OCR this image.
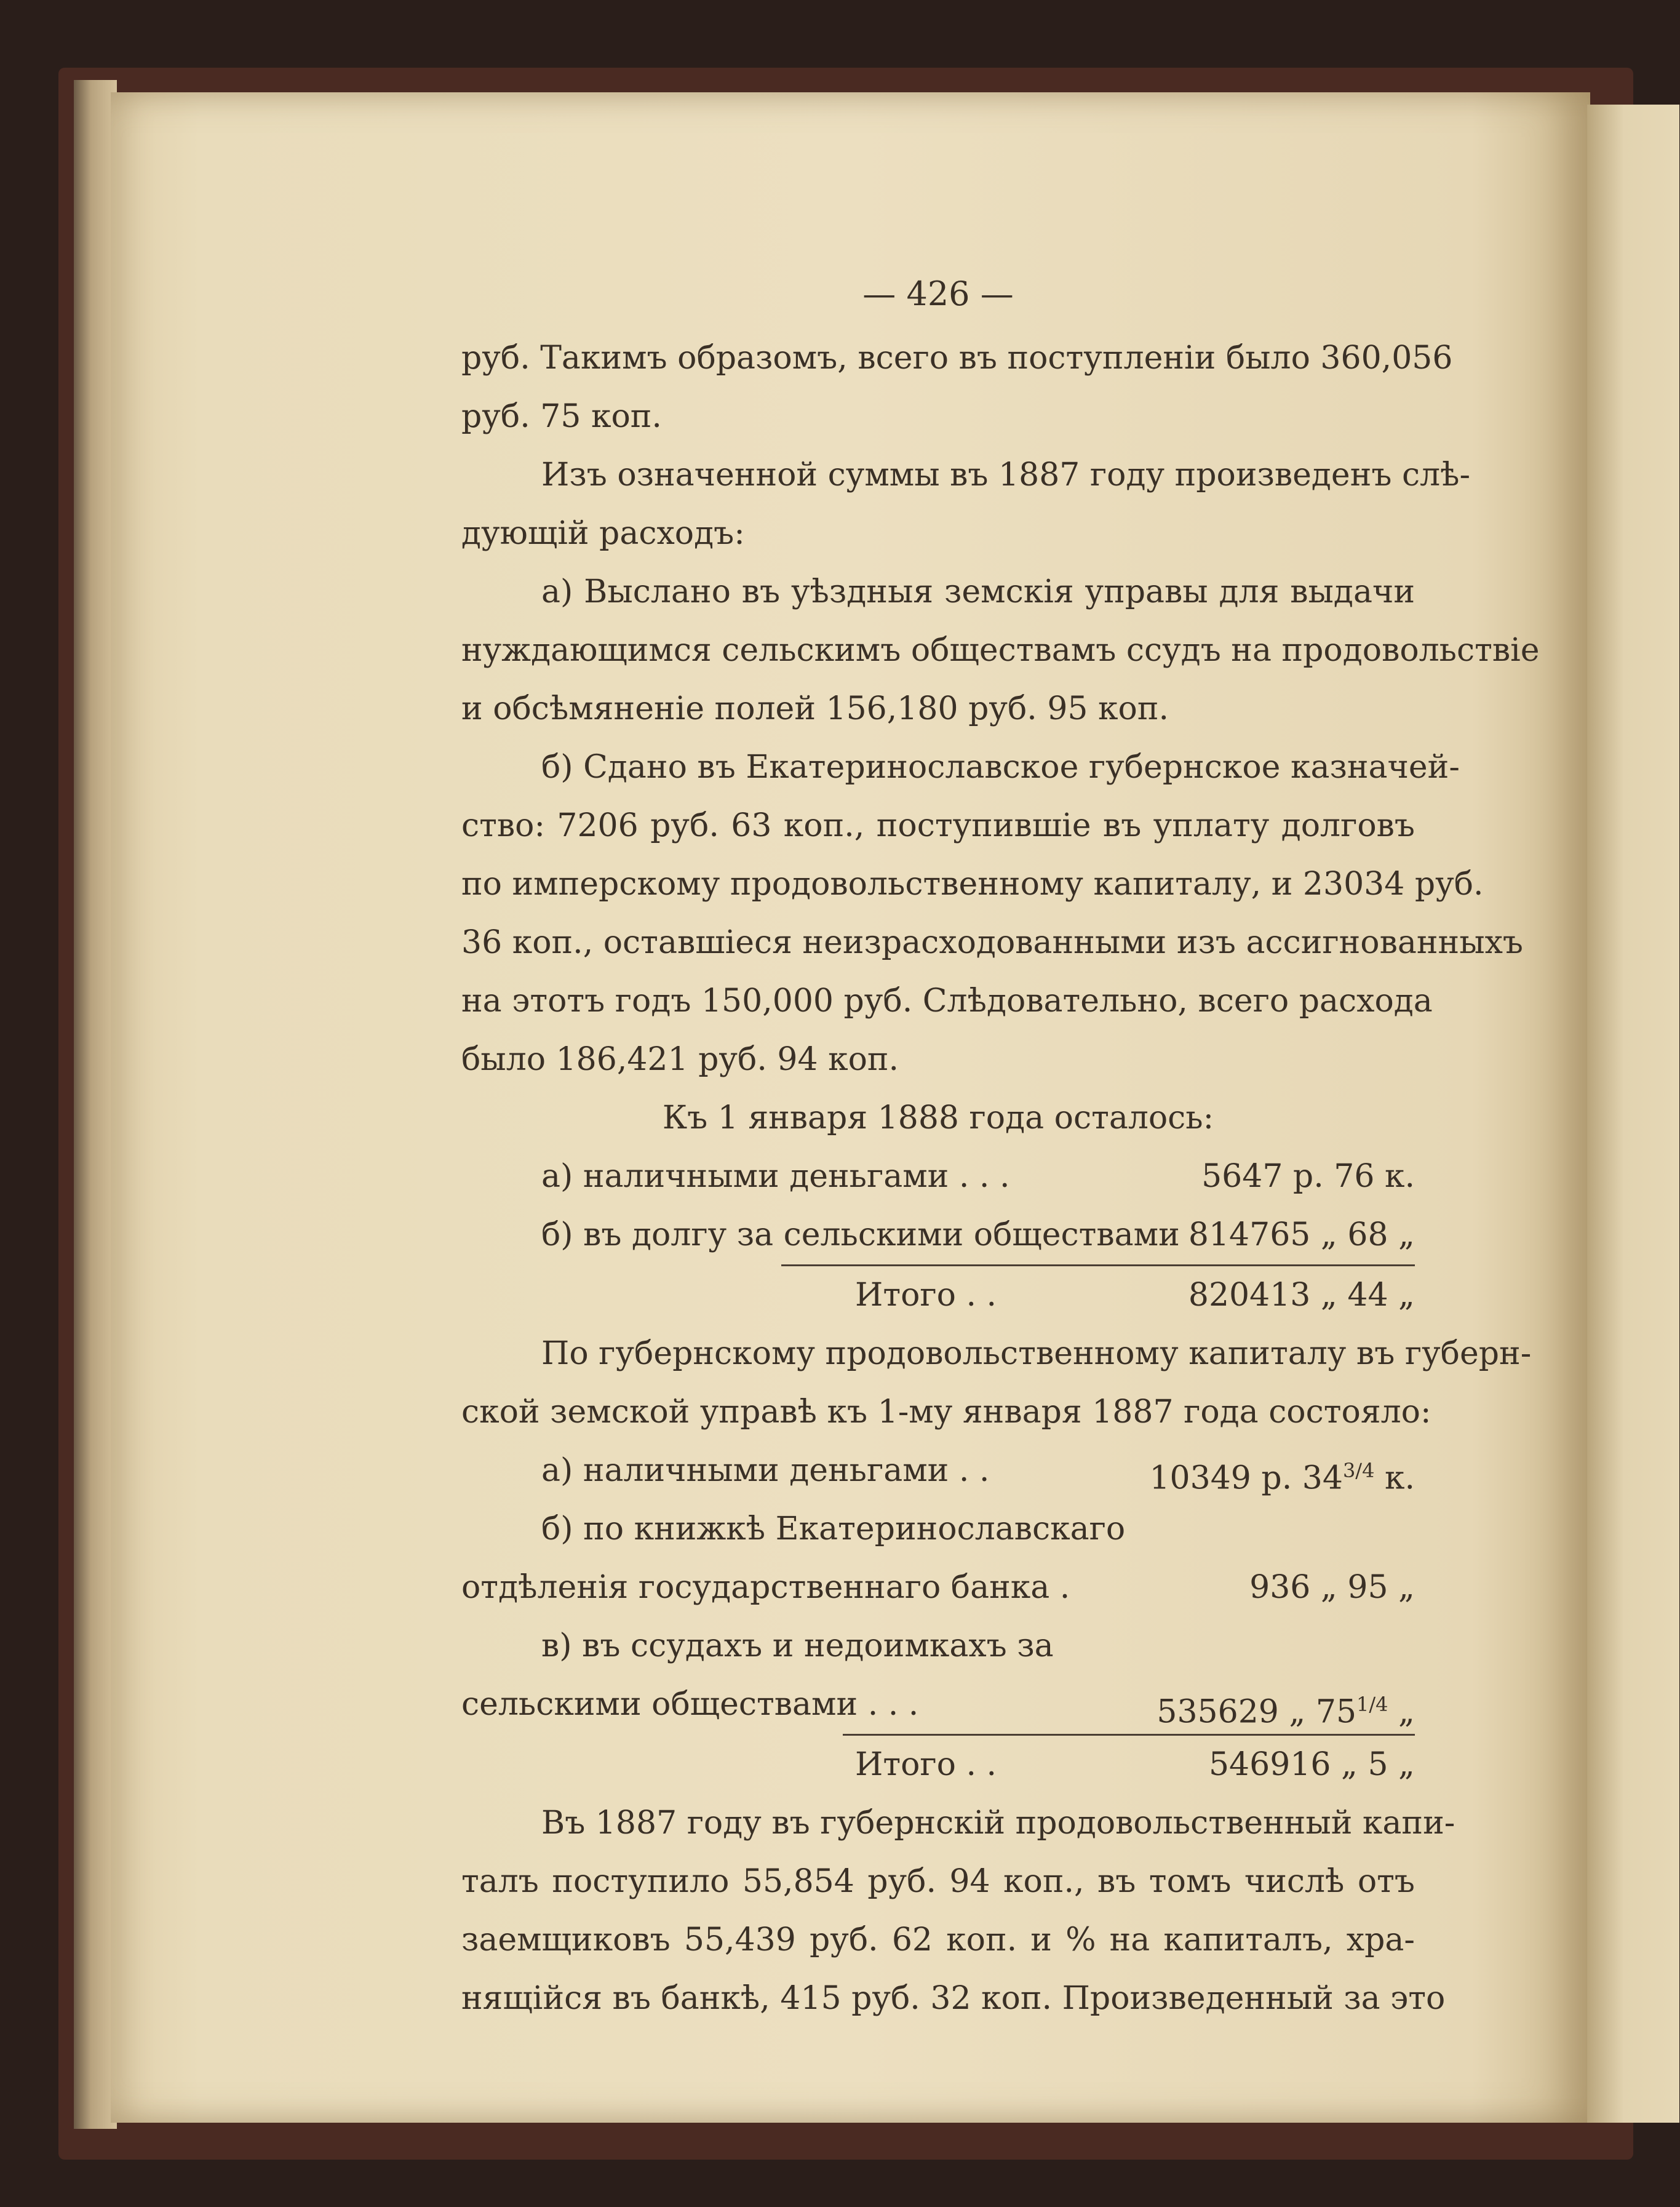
— 426 —
руб. Такимъ образомъ, всего въ поступленіи было 360,056
руб. 75 коп.
Изъ означенной суммы въ 1887 году произведенъ слѣ-
дующій расходъ:
а) Выслано въ уѣздныя земскія управы для выдачи
нуждающимся сельскимъ обществамъ ссудъ на продовольствіе
и обсѣмяненіе полей 156,180 руб. 95 коп.
б) Сдано въ Екатеринославское губернское казначей-
ство: 7206 руб. 63 коп., поступившіе въ уплату долговъ
по имперскому продовольственному капиталу, и 23034 руб.
36 коп., оставшіеся неизрасходованными изъ ассигнованныхъ
на этотъ годъ 150,000 руб. Слѣдовательно, всего расхода
было 186,421 руб. 94 коп.
Къ 1 января 1888 года осталось:
а) наличными деньгами . . .	5647 р. 76 к.
б) въ долгу за сельскими обществами 814765 „ 68 „
Итого . .	820413 „ 44 „
По губернскому продовольственному капиталу въ губерн-
ской земской управѣ къ 1-му января 1887 года состояло:
а) наличными деньгами . .	10349 р. $34^{3/4}$ к.
б) по книжкѣ Екатеринославскаго
отдѣленія государственнаго банка .	936 „ 95 „
в) въ ссудахъ и недоимкахъ за
сельскими обществами . . .	535629 „ $75^{1/4}$ „
Итого . .	546916 „ 5 „
Въ 1887 году въ губернскій продовольственный капи-
талъ поступило 55,854 руб. 94 коп., въ томъ числѣ отъ
заемщиковъ 55,439 руб. 62 коп. и % на капиталъ, хра-
нящійся въ банкѣ, 415 руб. 32 коп. Произведенный за это
